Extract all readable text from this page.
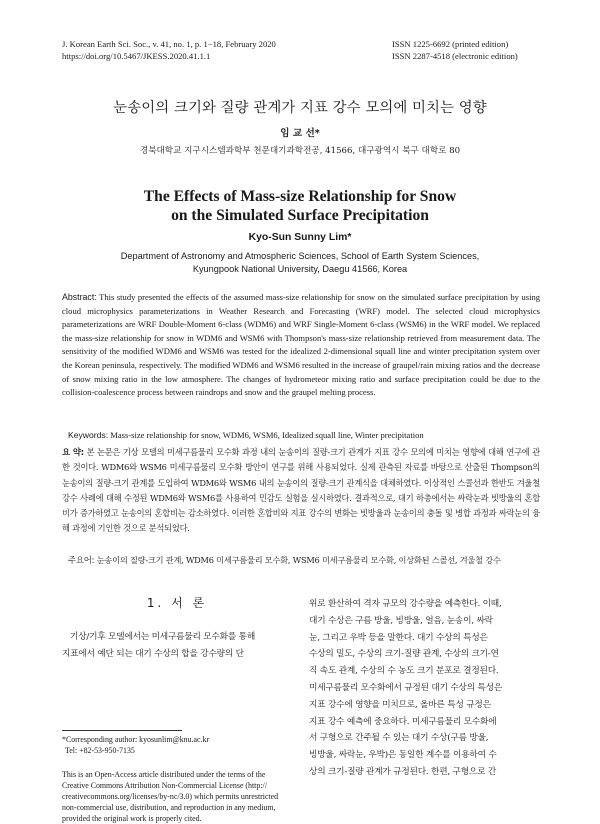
J. Korean Earth Sci. Soc., v. 41, no. 1, p. 1−18, February 2020
https://doi.org/10.5467/JKESS.2020.41.1.1
ISSN 1225-6692 (printed edition)
ISSN 2287-4518 (electronic edition)
눈송이의 크기와 질량 관계가 지표 강수 모의에 미치는 영향
임 교 선*
경북대학교 지구시스템과학부 천문대기과학전공, 41566, 대구광역시 북구 대학로 80
The Effects of Mass-size Relationship for Snow
on the Simulated Surface Precipitation
Kyo-Sun Sunny Lim*
Department of Astronomy and Atmospheric Sciences, School of Earth System Sciences,
Kyungpook National University, Daegu 41566, Korea
Abstract: This study presented the effects of the assumed mass-size relationship for snow on the simulated surface precipitation by using cloud microphysics parameterizations in Weather Research and Forecasting (WRF) model. The selected cloud microphysics parameterizations are WRF Double-Moment 6-class (WDM6) and WRF Single-Moment 6-class (WSM6) in the WRF model. We replaced the mass-size relationship for snow in WDM6 and WSM6 with Thompson's mass-size relationship retrieved from measurement data. The sensitivity of the modified WDM6 and WSM6 was tested for the idealized 2-dimensional squall line and winter precipitation system over the Korean peninsula, respectively. The modified WDM6 and WSM6 resulted in the increase of graupel/rain mixing ratios and the decrease of snow mixing ratio in the low atmosphere. The changes of hydrometeor mixing ratio and surface precipitation could be due to the collision-coalescence process between raindrops and snow and the graupel melting process.
Keywords: Mass-size relationship for snow, WDM6, WSM6, Idealized squall line, Winter precipitation
요 약: 본 논문은 기상 모델의 미세구름물리 모수화 과정 내의 눈송이의 질량-크기 관계가 지표 강수 모의에 미치는 영향에 대해 연구에 관한 것이다. WDM6와 WSM6 미세구름물리 모수화 방안이 연구를 위해 사용되었다. 실제 관측된 자료를 바탕으로 산출된 Thompson의 눈송이의 질량-크기 관계를 도입하여 WDM6와 WSM6 내의 눈송이의 질량-크기 관계식을 대체하였다. 이상적인 스콜선과 한반도 겨울철 강수 사례에 대해 수정된 WDM6와 WSM6를 사용하여 민감도 실험을 실시하였다. 결과적으로, 대기 하층에서는 싸락눈과 빗방울의 혼합비가 증가하였고 눈송이의 혼합비는 감소하였다. 이러한 혼합비와 지표 강수의 변화는 빗방울과 눈송이의 충돌 및 병합 과정과 싸락눈의 융해 과정에 기인한 것으로 분석되었다.
주요어: 눈송이의 질량-크기 관계, WDM6 미세구름물리 모수화, WSM6 미세구름물리 모수화, 이상화된 스콜선, 겨울철 강수
1. 서 론
기상/기후 모델에서는 미세구름물리 모수화를 통해
지표에서 예단 되는 대기 수상의 합을 강수량의 단
*Corresponding author: kyosunlim@knu.ac.kr
Tel: +82-53-950-7135
This is an Open-Access article distributed under the terms of the
Creative Commons Attribution Non-Commercial License (http://
creativecommons.org/licenses/by-nc/3.0) which permits unrestricted
non-commercial use, distribution, and reproduction in any medium,
provided the original work is properly cited.
위로 환산하여 격자 규모의 강수량을 예측한다. 이때,
대기 수상은 구름 방울, 빙방울, 얼음, 눈송이, 싸락
눈, 그리고 우박 등을 말한다. 대기 수상의 특성은
수상의 밀도, 수상의 크기-질량 관계, 수상의 크기-연
직 속도 관계, 수상의 수 농도 크기 분포로 결정된다.
미세구름물리 모수화에서 규정된 대기 수상의 특성은
지표 강수에 영향을 미치므로, 올바른 특성 규정은
지표 강수 예측에 중요하다. 미세구름물리 모수화에
서 구형으로 간주될 수 있는 대기 수상(구름 방울,
빙방울, 싸락눈, 우박)은 동일한 계수를 이용하여 수
상의 크기-질량 관계가 규정된다. 한편, 구형으로 간
